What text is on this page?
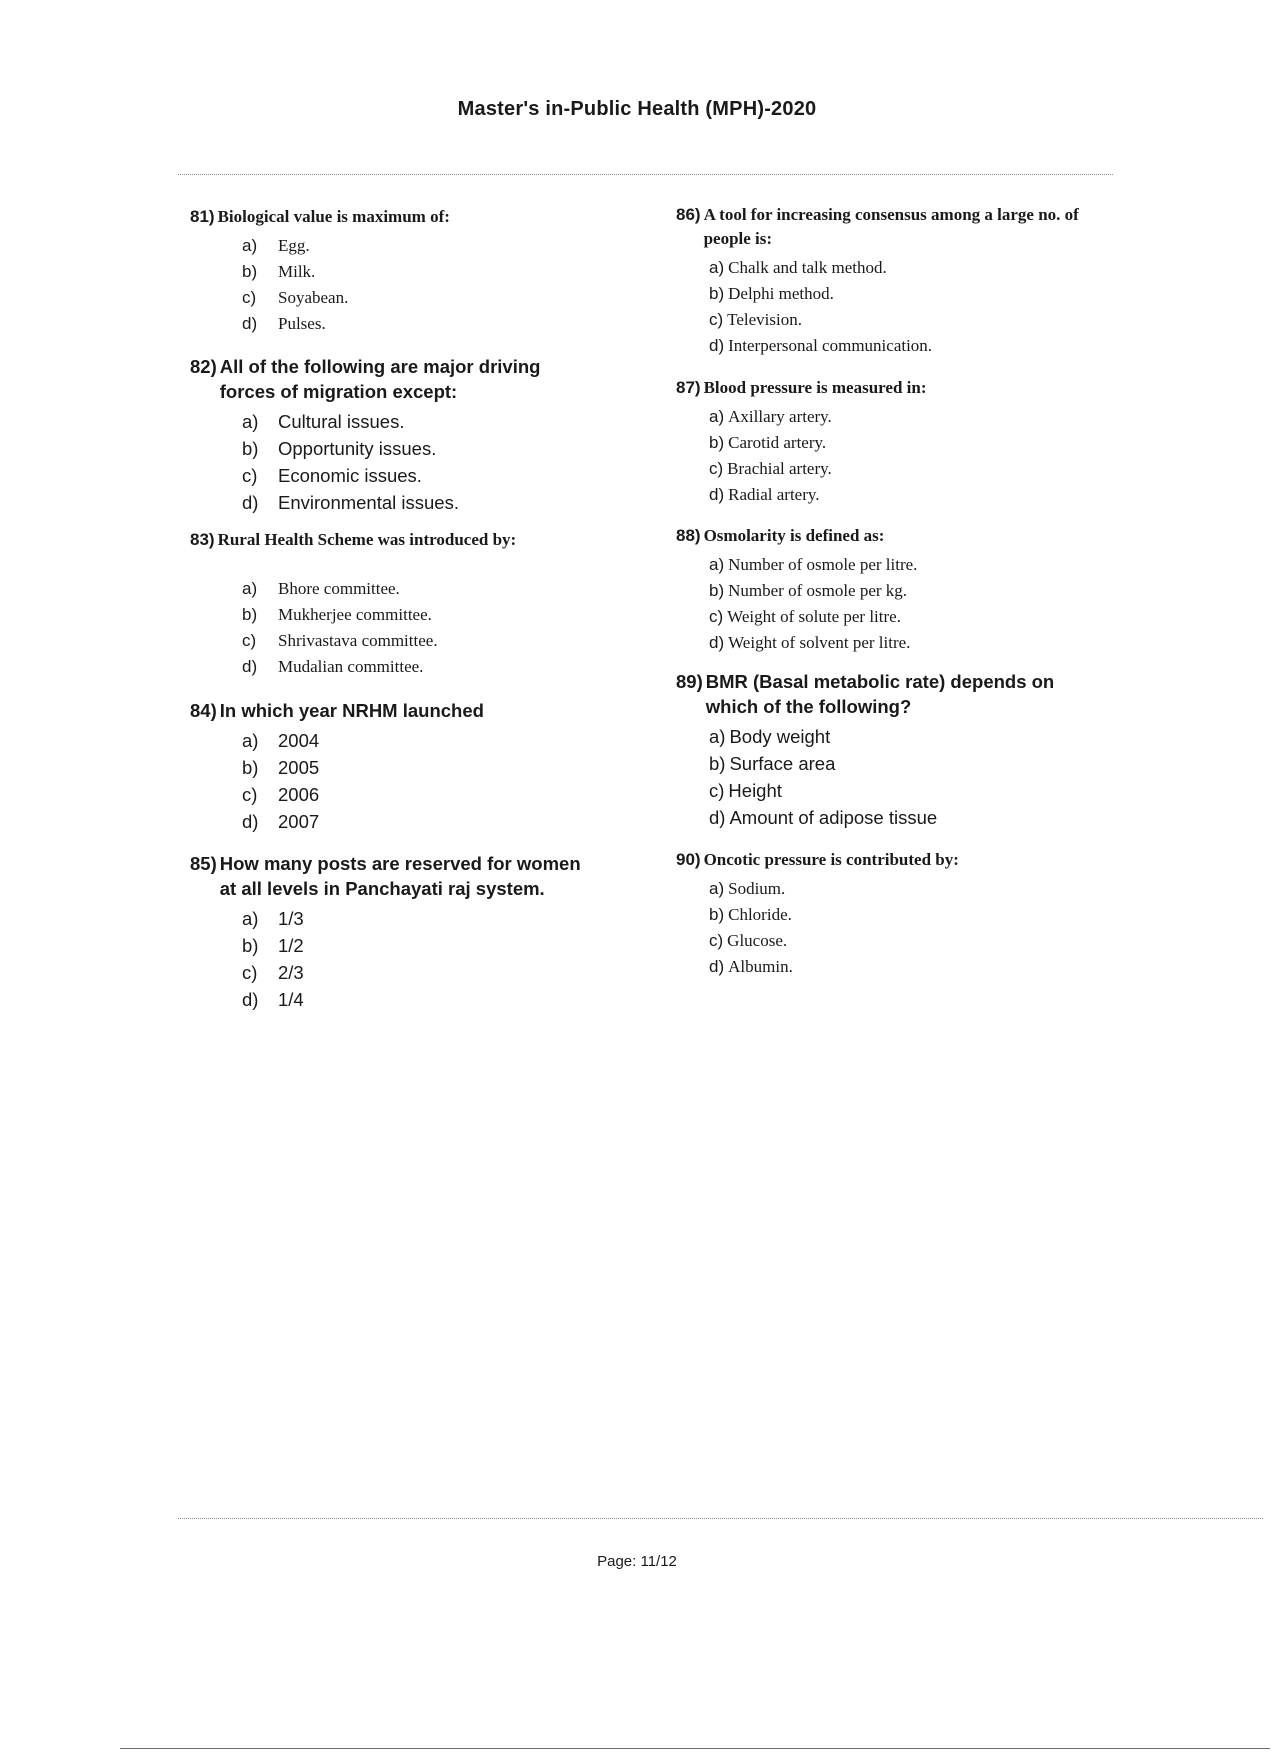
Master's in-Public Health (MPH)-2020
81) Biological value is maximum of:
a)	Egg.
b)	Milk.
c)	Soyabean.
d)	Pulses.
82) All of the following are major driving forces of migration except:
a)	Cultural issues.
b)	Opportunity issues.
c)	Economic issues.
d)	Environmental issues.
83) Rural Health Scheme was introduced by:
a)	Bhore committee.
b)	Mukherjee committee.
c)	Shrivastava committee.
d)	Mudalian committee.
84) In which year NRHM launched
a)	2004
b)	2005
c)	2006
d)	2007
85) How many posts are reserved for women at all levels in Panchayati raj system.
a)	1/3
b)	1/2
c)	2/3
d)	1/4
86) A tool for increasing consensus among a large no. of people is:
a) Chalk and talk method.
b) Delphi method.
c) Television.
d) Interpersonal communication.
87) Blood pressure is measured in:
a) Axillary artery.
b) Carotid artery.
c) Brachial artery.
d) Radial artery.
88) Osmolarity is defined as:
a) Number of osmole per litre.
b) Number of osmole per kg.
c) Weight of solute per litre.
d) Weight of solvent per litre.
89) BMR (Basal metabolic rate) depends on which of the following?
a) Body weight
b) Surface area
c) Height
d) Amount of adipose tissue
90) Oncotic pressure is contributed by:
a) Sodium.
b) Chloride.
c) Glucose.
d) Albumin.
Page: 11/12
